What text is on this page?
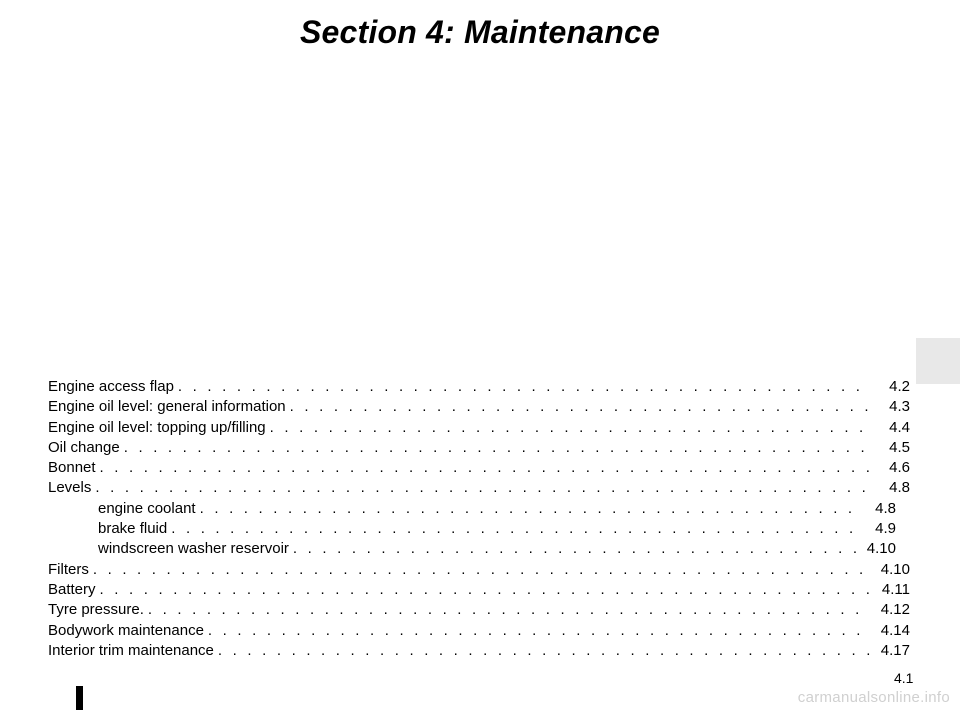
Section 4: Maintenance
Engine access flap . . .	4.2
Engine oil level: general information . . .	4.3
Engine oil level: topping up/filling . . .	4.4
Oil change . . .	4.5
Bonnet . . .	4.6
Levels . . .	4.8
engine coolant . . .	4.8
brake fluid . . .	4.9
windscreen washer reservoir . . .	4.10
Filters . . .	4.10
Battery . . .	4.11
Tyre pressure. . . .	4.12
Bodywork maintenance . . .	4.14
Interior trim maintenance . . .	4.17
4.1
carmanualsonline.info
